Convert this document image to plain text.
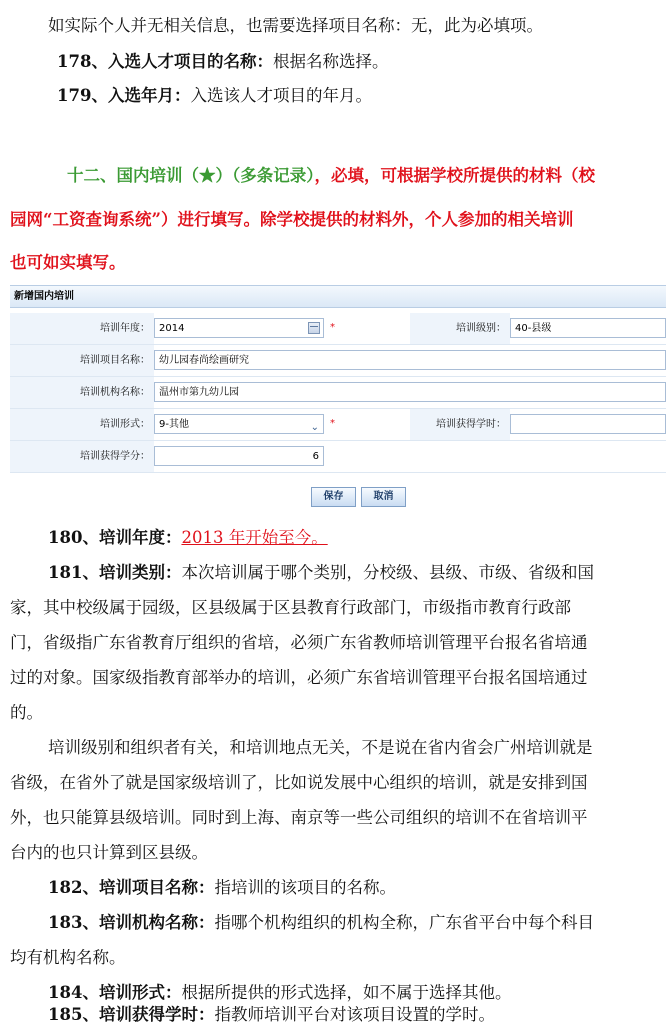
如实际个人并无相关信息，也需要选择项目名称：无，此为必填项。
178、入选人才项目的名称：根据名称选择。
179、入选年月：入选该人才项目的年月。
十二、国内培训（★）（多条记录），必填，可根据学校所提供的材料（校
园网“工资查询系统”）进行填写。除学校提供的材料外，个人参加的相关培训
也可如实填写。
新增国内培训
培训年度： 2014	*	培训级别： 40-县级
培训项目名称： 幼儿园春尚绘画研究
培训机构名称： 温州市第九幼儿园
培训形式： 9-其他	⌄ *	培训获得学时：
培训获得学分：	6
保存	取消
180、培训年度：2013 年开始至今。
181、培训类别：本次培训属于哪个类别，分校级、县级、市级、省级和国
家，其中校级属于园级，区县级属于区县教育行政部门，市级指市教育行政部
门，省级指广东省教育厅组织的省培，必须广东省教师培训管理平台报名省培通
过的对象。国家级指教育部举办的培训，必须广东省培训管理平台报名国培通过
的。
培训级别和组织者有关，和培训地点无关，不是说在省内省会广州培训就是
省级，在省外了就是国家级培训了，比如说发展中心组织的培训，就是安排到国
外，也只能算县级培训。同时到上海、南京等一些公司组织的培训不在省培训平
台内的也只计算到区县级。
182、培训项目名称：指培训的该项目的名称。
183、培训机构名称：指哪个机构组织的机构全称，广东省平台中每个科目
均有机构名称。
184、培训形式：根据所提供的形式选择，如不属于选择其他。
185、培训获得学时：指教师培训平台对该项目设置的学时。
